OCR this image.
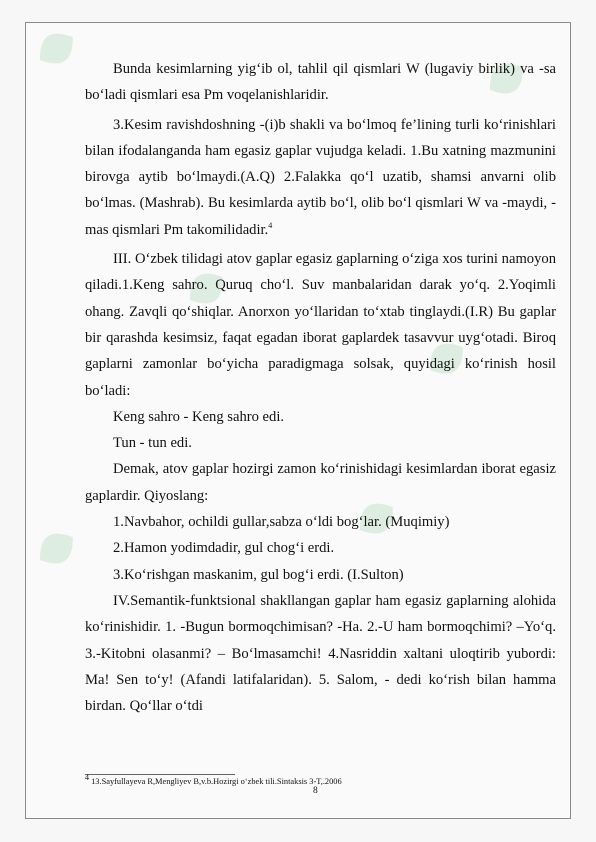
Bunda kesimlarning yig‘ib ol, tahlil qil qismlari W (lugaviy birlik) va -sa bo‘ladi qismlari esa Pm voqelanishlaridir.

3.Kesim ravishdoshning -(i)b shakli va bo‘lmoq fe’lining turli ko‘rinishlari bilan ifodalanganda ham egasiz gaplar vujudga keladi. 1.Bu xatning mazmunini birovga aytib bo‘lmaydi.(A.Q) 2.Falakka qo‘l uzatib, shamsi anvarni olib bo‘lmas. (Mashrab). Bu kesimlarda aytib bo‘l, olib bo‘l qismlari W va -maydi, -mas qismlari Pm takomilidadir.$^4$

III. O‘zbek tilidagi atov gaplar egasiz gaplarning o‘ziga xos turini namoyon qiladi.1.Keng sahro. Quruq cho‘l. Suv manbalaridan darak yo‘q. 2.Yoqimli ohang. Zavqli qo‘shiqlar. Anorxon yo‘llaridan to‘xtab tinglaydi.(I.R) Bu gaplar bir qarashda kesimsiz, faqat egadan iborat gaplardek tasavvur uyg‘otadi. Biroq gaplarni zamonlar bo‘yicha paradigmaga solsak, quyidagi ko‘rinish hosil bo‘ladi:

Keng sahro - Keng sahro edi.

Tun - tun edi.

Demak, atov gaplar hozirgi zamon ko‘rinishidagi kesimlardan iborat egasiz gaplardir. Qiyoslang:

1.Navbahor, ochildi gullar,sabza o‘ldi bog‘lar. (Muqimiy)

2.Hamon yodimdadir, gul chog‘i erdi.

3.Ko‘rishgan maskanim, gul bog‘i erdi. (I.Sulton)

IV.Semantik-funktsional shakllangan gaplar ham egasiz gaplarning alohida ko‘rinishidir. 1. -Bugun bormoqchimisan? -Ha. 2.-U ham bormoqchimi? –Yo‘q. 3.-Kitobni olasanmi? – Bo‘lmasamchi! 4.Nasriddin xaltani uloqtirib yubordi: Ma! Sen to‘y! (Afandi latifalaridan). 5. Salom, - dedi ko‘rish bilan hamma birdan. Qo‘llar o‘tdi

$^4$ 13.Sayfullayeva R,Mengliyev B,v.b.Hozirgi o‘zbek tili.Sintaksis 3-T,.2006
8
